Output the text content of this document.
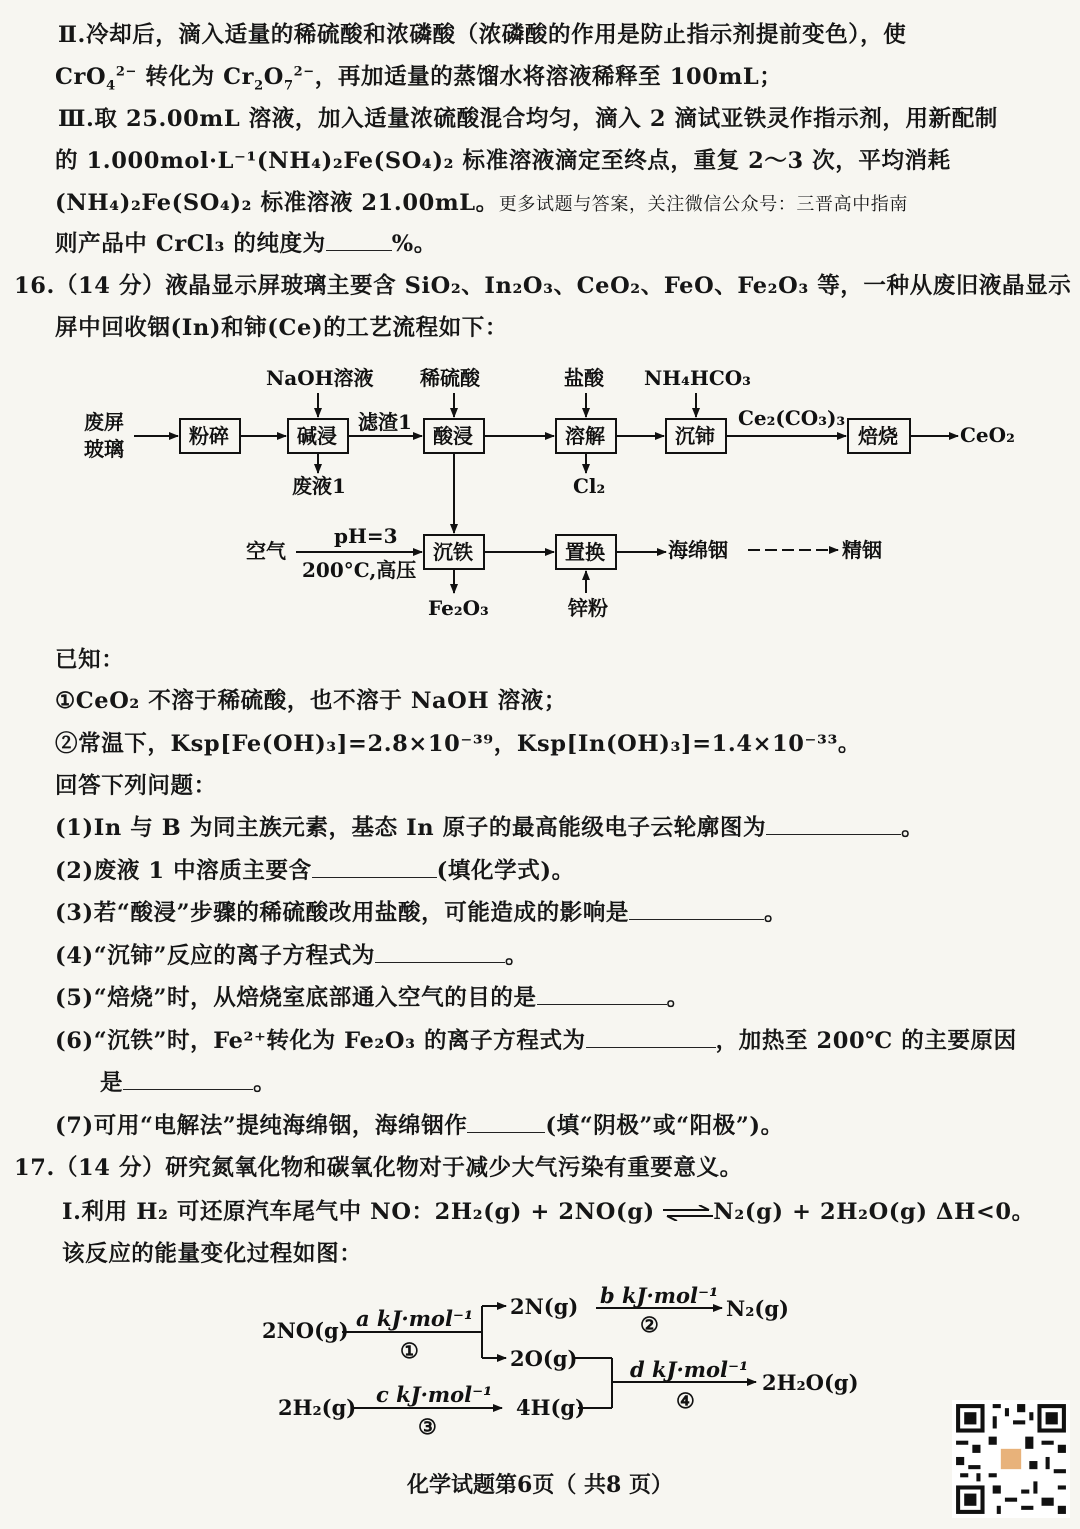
Ⅱ.冷却后，滴入适量的稀硫酸和浓磷酸（浓磷酸的作用是防止指示剂提前变色），使
CrO$_4^{2-}$ 转化为 $Cr_2O_7^{2-}$，再加适量的蒸馏水将溶液稀释至 100mL；
Ⅲ.取 25.00mL 溶液，加入适量浓硫酸混合均匀，滴入 2 滴试亚铁灵作指示剂，用新配制
的 1.000mol·L⁻¹(NH₄)₂Fe(SO₄)₂ 标准溶液滴定至终点，重复 2～3 次，平均消耗
(NH₄)₂Fe(SO₄)₂ 标准溶液 21.00mL。更多试题与答案，关注微信公众号：三晋高中指南
则产品中 CrCl₃ 的纯度为	%。
16.（14 分）液晶显示屏玻璃主要含 SiO₂、In₂O₃、CeO₂、FeO、Fe₂O₃ 等，一种从废旧液晶显示
屏中回收铟(In)和铈(Ce)的工艺流程如下：
废屏
玻璃
NaOH溶液 稀硫酸	盐酸 NH₄HCO₃
滤渣1	Ce₂(CO₃)₃
CeO₂
废液1	Cl₂
空气
pH=3
200°C,高压
Fe₂O₃	锌粉
海绵铟	精铟
粉碎	碱浸	酸浸	溶解	沉铈	焙烧
沉铁	置换
已知：
①CeO₂ 不溶于稀硫酸，也不溶于 NaOH 溶液；
②常温下，Ksp[Fe(OH)₃]=2.8×10⁻³⁹，Ksp[In(OH)₃]=1.4×10⁻³³。
回答下列问题：
(1)In 与 B 为同主族元素，基态 In 原子的最高能级电子云轮廓图为	。
(2)废液 1 中溶质主要含	(填化学式)。
(3)若“酸浸”步骤的稀硫酸改用盐酸，可能造成的影响是	。
(4)“沉铈”反应的离子方程式为	。
(5)“焙烧”时，从焙烧室底部通入空气的目的是	。
(6)“沉铁”时，Fe²⁺转化为 Fe₂O₃ 的离子方程式为	，加热至 200℃ 的主要原因
是	。
(7)可用“电解法”提纯海绵铟，海绵铟作	(填“阴极”或“阳极”)。
17.（14 分）研究氮氧化物和碳氧化物对于减少大气污染有重要意义。
Ⅰ.利用 H₂ 可还原汽车尾气中 NO：2H₂(g) + 2NO(g) ⇌N₂(g) + 2H₂O(g) ΔH<0。
该反应的能量变化过程如图：
2NO(g)
2H₂(g)
2N(g)
2O(g)
4H(g)
N₂(g)
2H₂O(g)
a kJ·mol⁻¹
b kJ·mol⁻¹
c kJ·mol⁻¹
d kJ·mol⁻¹
①
②
③
④
化学试题第6页（ 共8 页）
